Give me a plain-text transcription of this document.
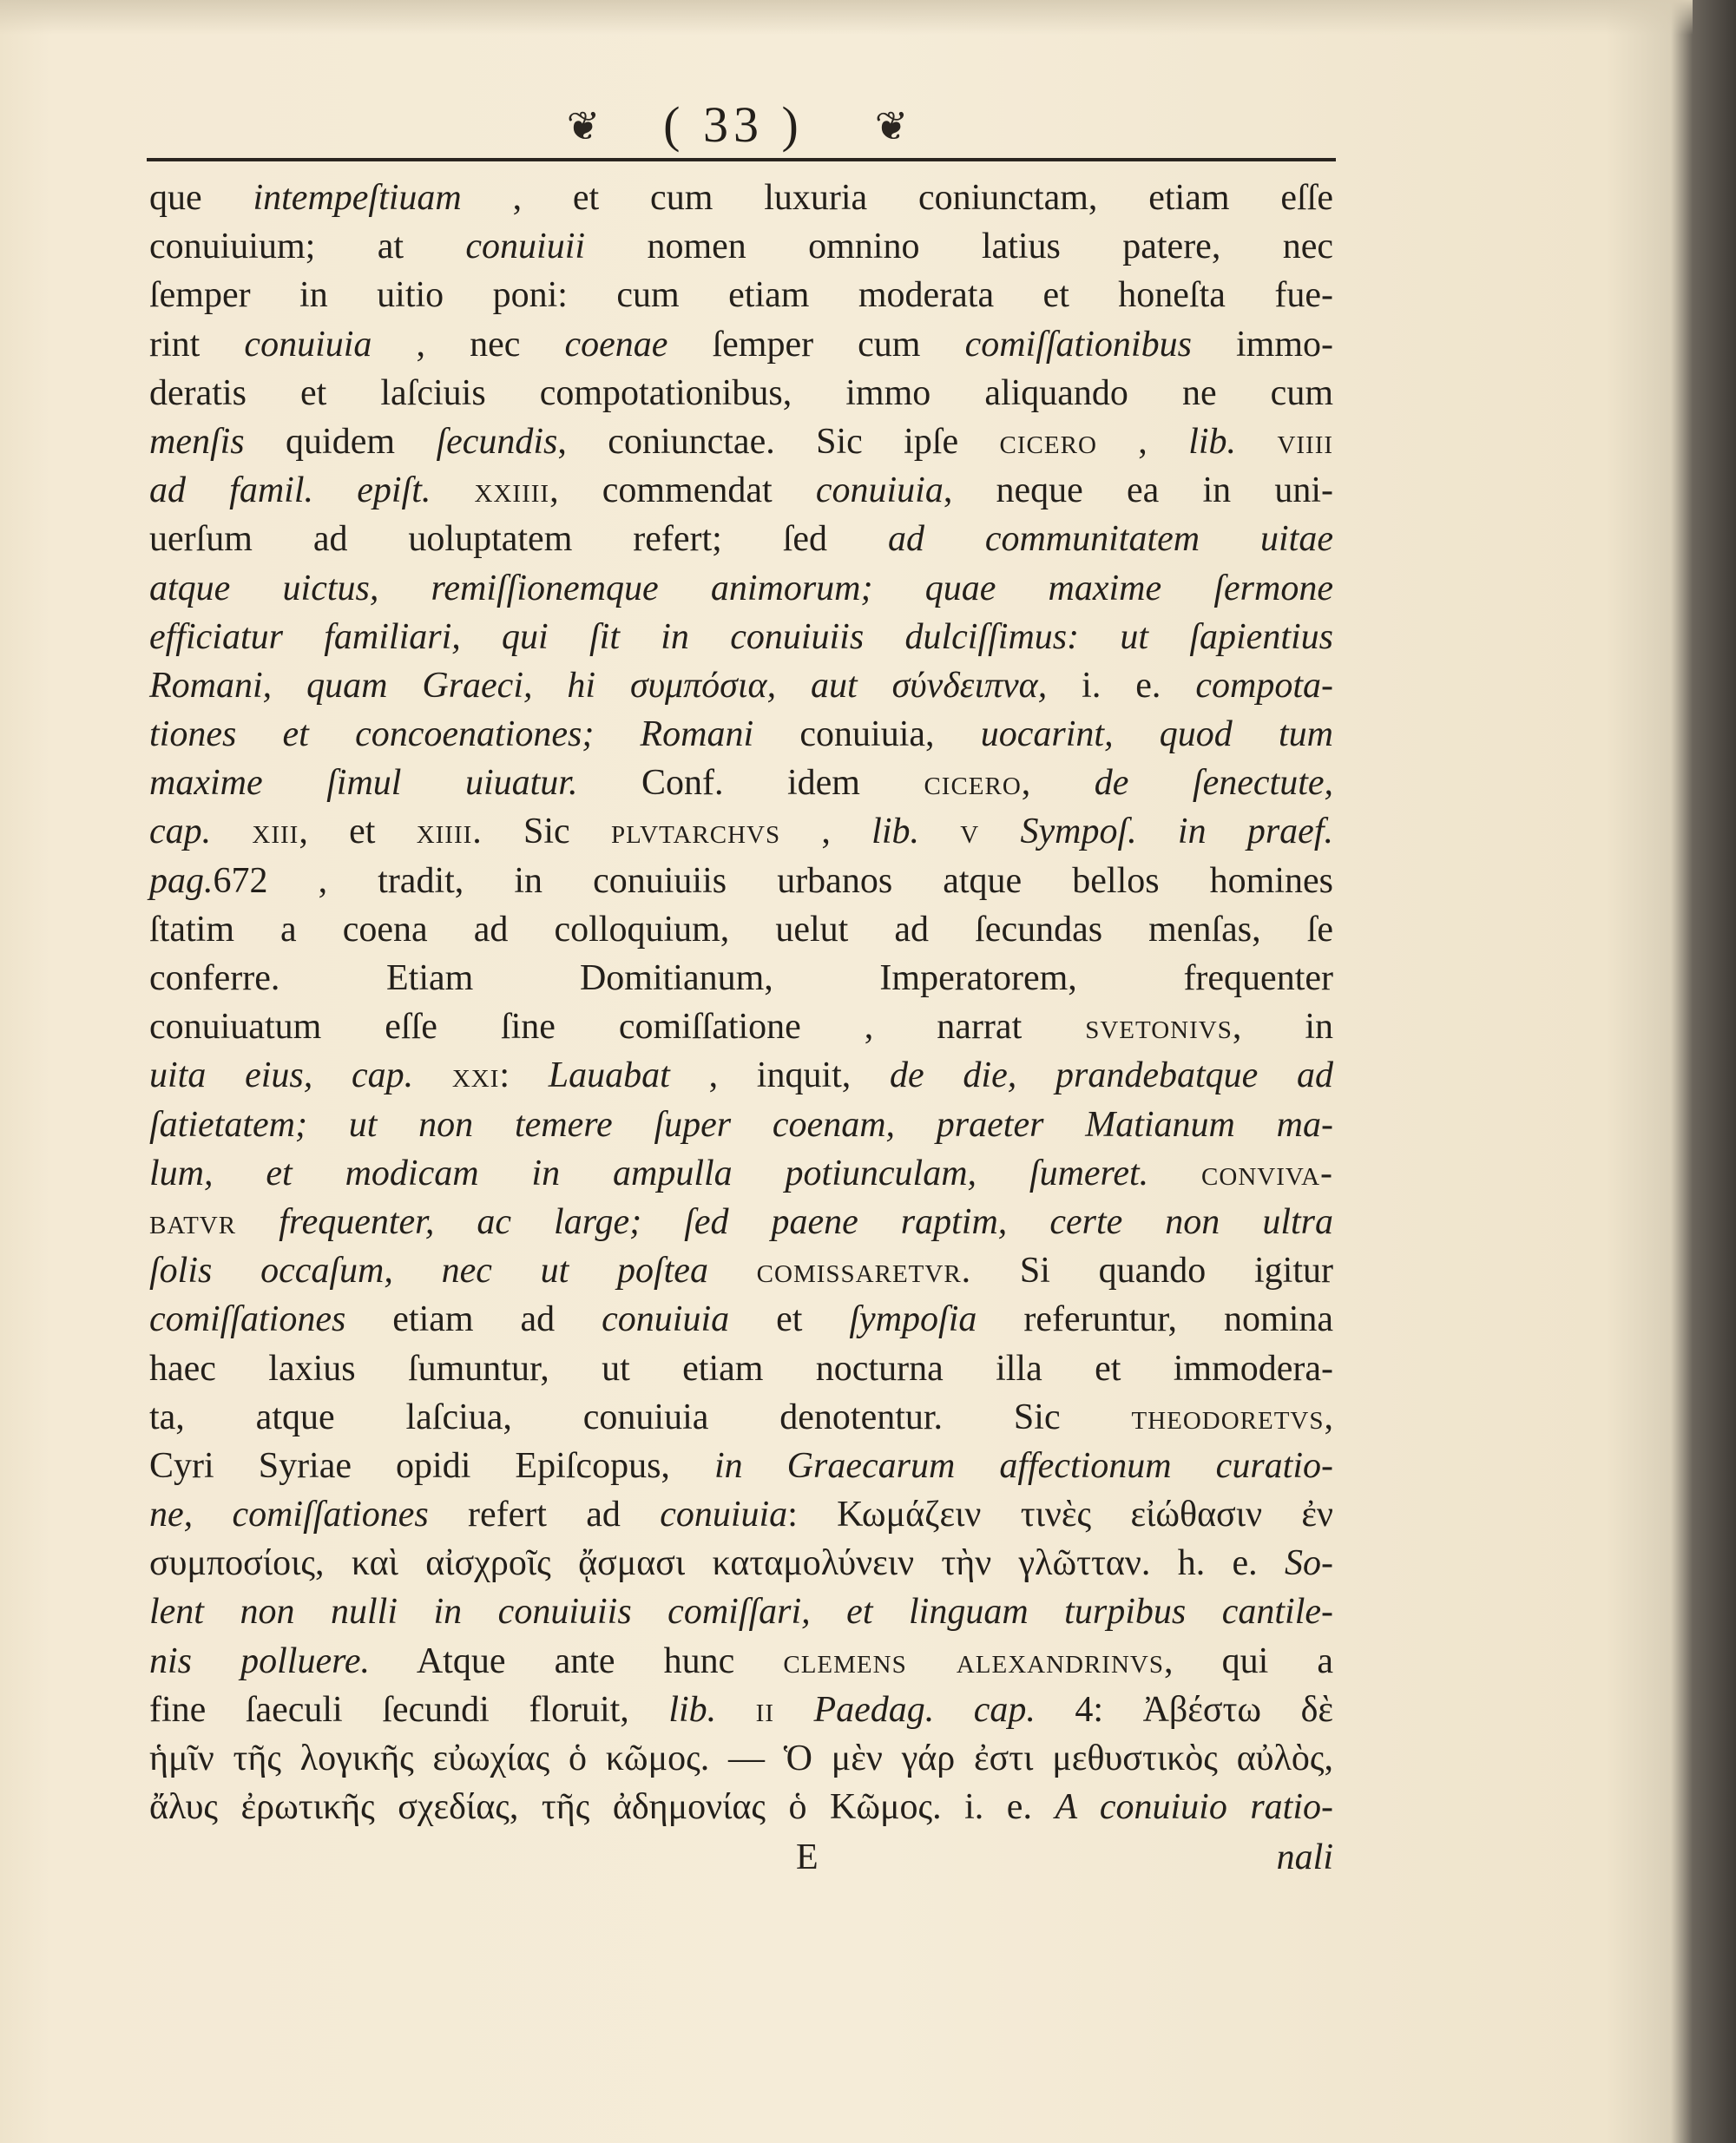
❦	( 33 )	❦
que intempeſtiuam , et cum luxuria coniunctam, etiam eſſe
conuiuium; at conuiuii nomen omnino latius patere, nec
ſemper in uitio poni: cum etiam moderata et honeſta fue-
rint conuiuia , nec coenae ſemper cum comiſſationibus immo-
deratis et laſciuis compotationibus, immo aliquando ne cum
menſis quidem ſecundis, coniunctae. Sic ipſe cicero , lib. viiii
ad famil. epiſt. xxiiii, commendat conuiuia, neque ea in uni-
uerſum ad uoluptatem refert; ſed ad communitatem uitae
atque uictus, remiſſionemque animorum; quae maxime ſermone
efficiatur familiari, qui ſit in conuiuiis dulciſſimus: ut ſapientius
Romani, quam Graeci, hi συμπόσια, aut σύνδειπνα, i. e. compota-
tiones et concoenationes; Romani conuiuia, uocarint, quod tum
maxime ſimul uiuatur. Conf. idem cicero, de ſenectute,
cap. xiii, et xiiii. Sic plvtarchvs , lib. v Sympoſ. in praef.
pag.672 , tradit, in conuiuiis urbanos atque bellos homines
ſtatim a coena ad colloquium, uelut ad ſecundas menſas, ſe
conferre. Etiam Domitianum, Imperatorem, frequenter
conuiuatum eſſe ſine comiſſatione , narrat svetonivs, in
uita eius, cap. xxi: Lauabat , inquit, de die, prandebatque ad
ſatietatem; ut non temere ſuper coenam, praeter Matianum ma-
lum, et modicam in ampulla potiunculam, ſumeret. conviva-
batvr frequenter, ac large; ſed paene raptim, certe non ultra
ſolis occaſum, nec ut poſtea comissaretvr. Si quando igitur
comiſſationes etiam ad conuiuia et ſympoſia referuntur, nomina
haec laxius ſumuntur, ut etiam nocturna illa et immodera-
ta, atque laſciua, conuiuia denotentur. Sic theodoretvs,
Cyri Syriae opidi Epiſcopus, in Graecarum affectionum curatio-
ne, comiſſationes refert ad conuiuia: Κωμάζειν τινὲς εἰώθασιν ἐν
συμποσίοις, καὶ αἰσχροῖς ᾄσμασι καταμολύνειν τὴν γλῶτταν. h. e. So-
lent non nulli in conuiuiis comiſſari, et linguam turpibus cantile-
nis polluere. Atque ante hunc clemens alexandrinvs, qui a
fine ſaeculi ſecundi floruit, lib. ii Paedag. cap. 4: Ἀβέστω δὲ
ἡμῖν τῆς λογικῆς εὐωχίας ὁ κῶμος. — Ὁ μὲν γάρ ἐστι μεθυστικὸς αὐλὸς,
ἄλυς ἐρωτικῆς σχεδίας, τῆς ἀδημονίας ὁ Κῶμος. i. e. A conuiuio ratio-
E	nali
